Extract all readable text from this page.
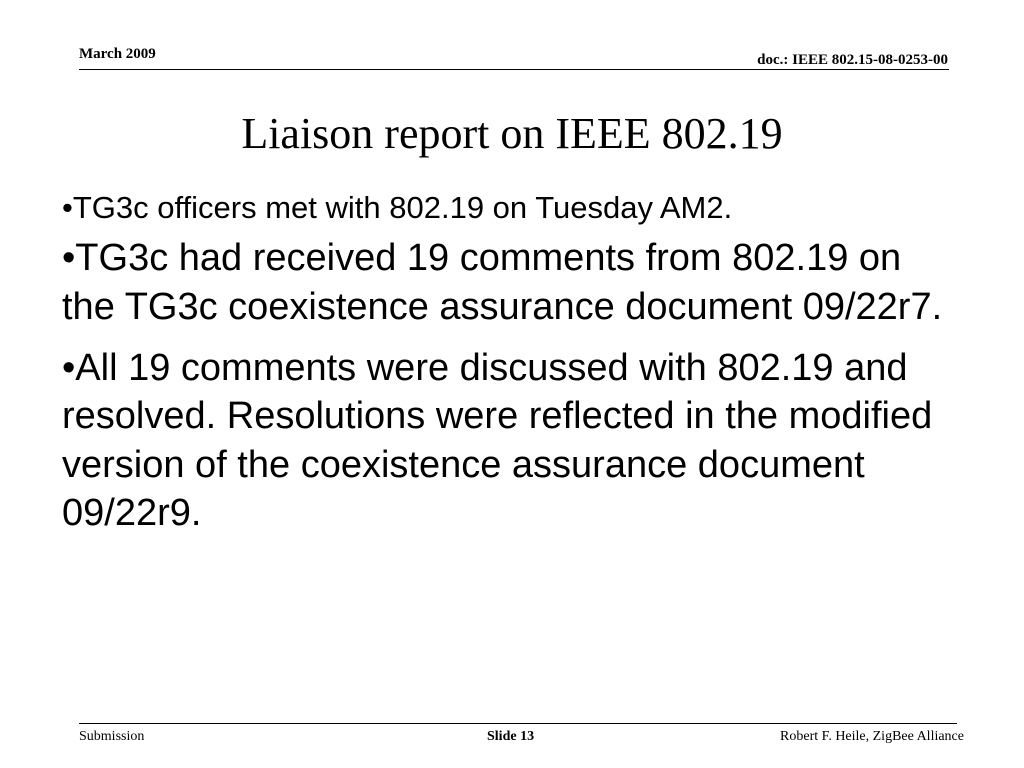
March 2009	doc.: IEEE 802.15-08-0253-00
Liaison report on IEEE 802.19

•TG3c officers met with 802.19 on Tuesday AM2.

•TG3c had received 19 comments from 802.19 on the TG3c coexistence assurance document 09/22r7.

•All 19 comments were discussed with 802.19 and resolved. Resolutions were reflected in the modified version of the coexistence assurance document 09/22r9.

Submission	Slide 13	Robert F. Heile, ZigBee Alliance
